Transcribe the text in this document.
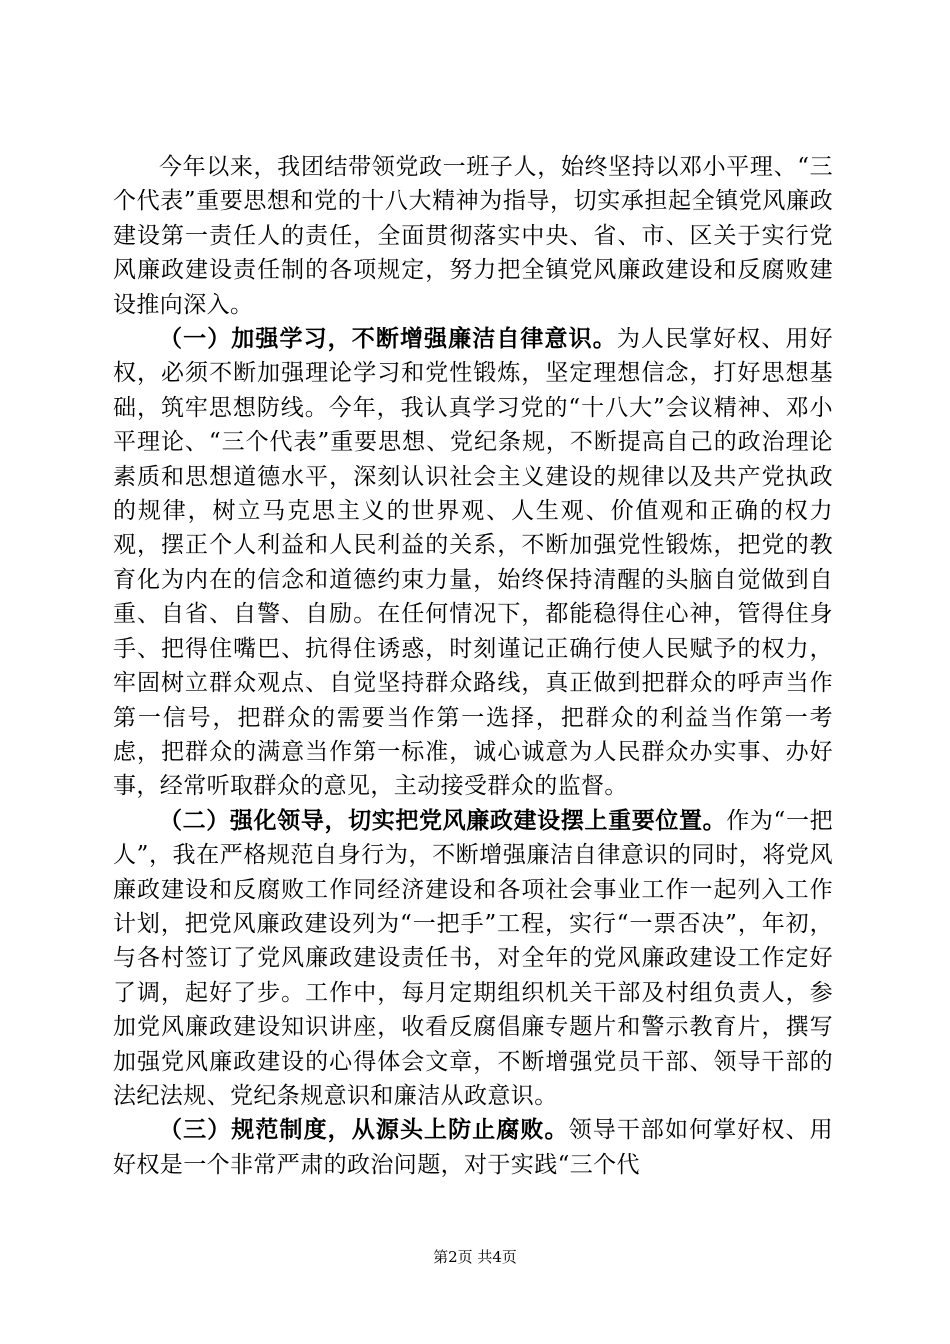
今年以来，我团结带领党政一班子人，始终坚持以邓小平理、“三个代表”重要思想和党的十八大精神为指导，切实承担起全镇党风廉政建设第一责任人的责任，全面贯彻落实中央、省、市、区关于实行党风廉政建设责任制的各项规定，努力把全镇党风廉政建设和反腐败建设推向深入。

（一）加强学习，不断增强廉洁自律意识。为人民掌好权、用好权，必须不断加强理论学习和党性锻炼，坚定理想信念，打好思想基础，筑牢思想防线。今年，我认真学习党的“十八大”会议精神、邓小平理论、“三个代表”重要思想、党纪条规，不断提高自己的政治理论素质和思想道德水平，深刻认识社会主义建设的规律以及共产党执政的规律，树立马克思主义的世界观、人生观、价值观和正确的权力观，摆正个人利益和人民利益的关系，不断加强党性锻炼，把党的教育化为内在的信念和道德约束力量，始终保持清醒的头脑自觉做到自重、自省、自警、自励。在任何情况下，都能稳得住心神，管得住身手、把得住嘴巴、抗得住诱惑，时刻谨记正确行使人民赋予的权力，牢固树立群众观点、自觉坚持群众路线，真正做到把群众的呼声当作第一信号，把群众的需要当作第一选择，把群众的利益当作第一考虑，把群众的满意当作第一标准，诚心诚意为人民群众办实事、办好事，经常听取群众的意见，主动接受群众的监督。

（二）强化领导，切实把党风廉政建设摆上重要位置。作为“一把人”，我在严格规范自身行为，不断增强廉洁自律意识的同时，将党风廉政建设和反腐败工作同经济建设和各项社会事业工作一起列入工作计划，把党风廉政建设列为“一把手”工程，实行“一票否决”，年初，与各村签订了党风廉政建设责任书，对全年的党风廉政建设工作定好了调，起好了步。工作中，每月定期组织机关干部及村组负责人，参加党风廉政建设知识讲座，收看反腐倡廉专题片和警示教育片，撰写加强党风廉政建设的心得体会文章，不断增强党员干部、领导干部的法纪法规、党纪条规意识和廉洁从政意识。

（三）规范制度，从源头上防止腐败。领导干部如何掌好权、用好权是一个非常严肃的政治问题，对于实践“三个代

第2页 共4页
